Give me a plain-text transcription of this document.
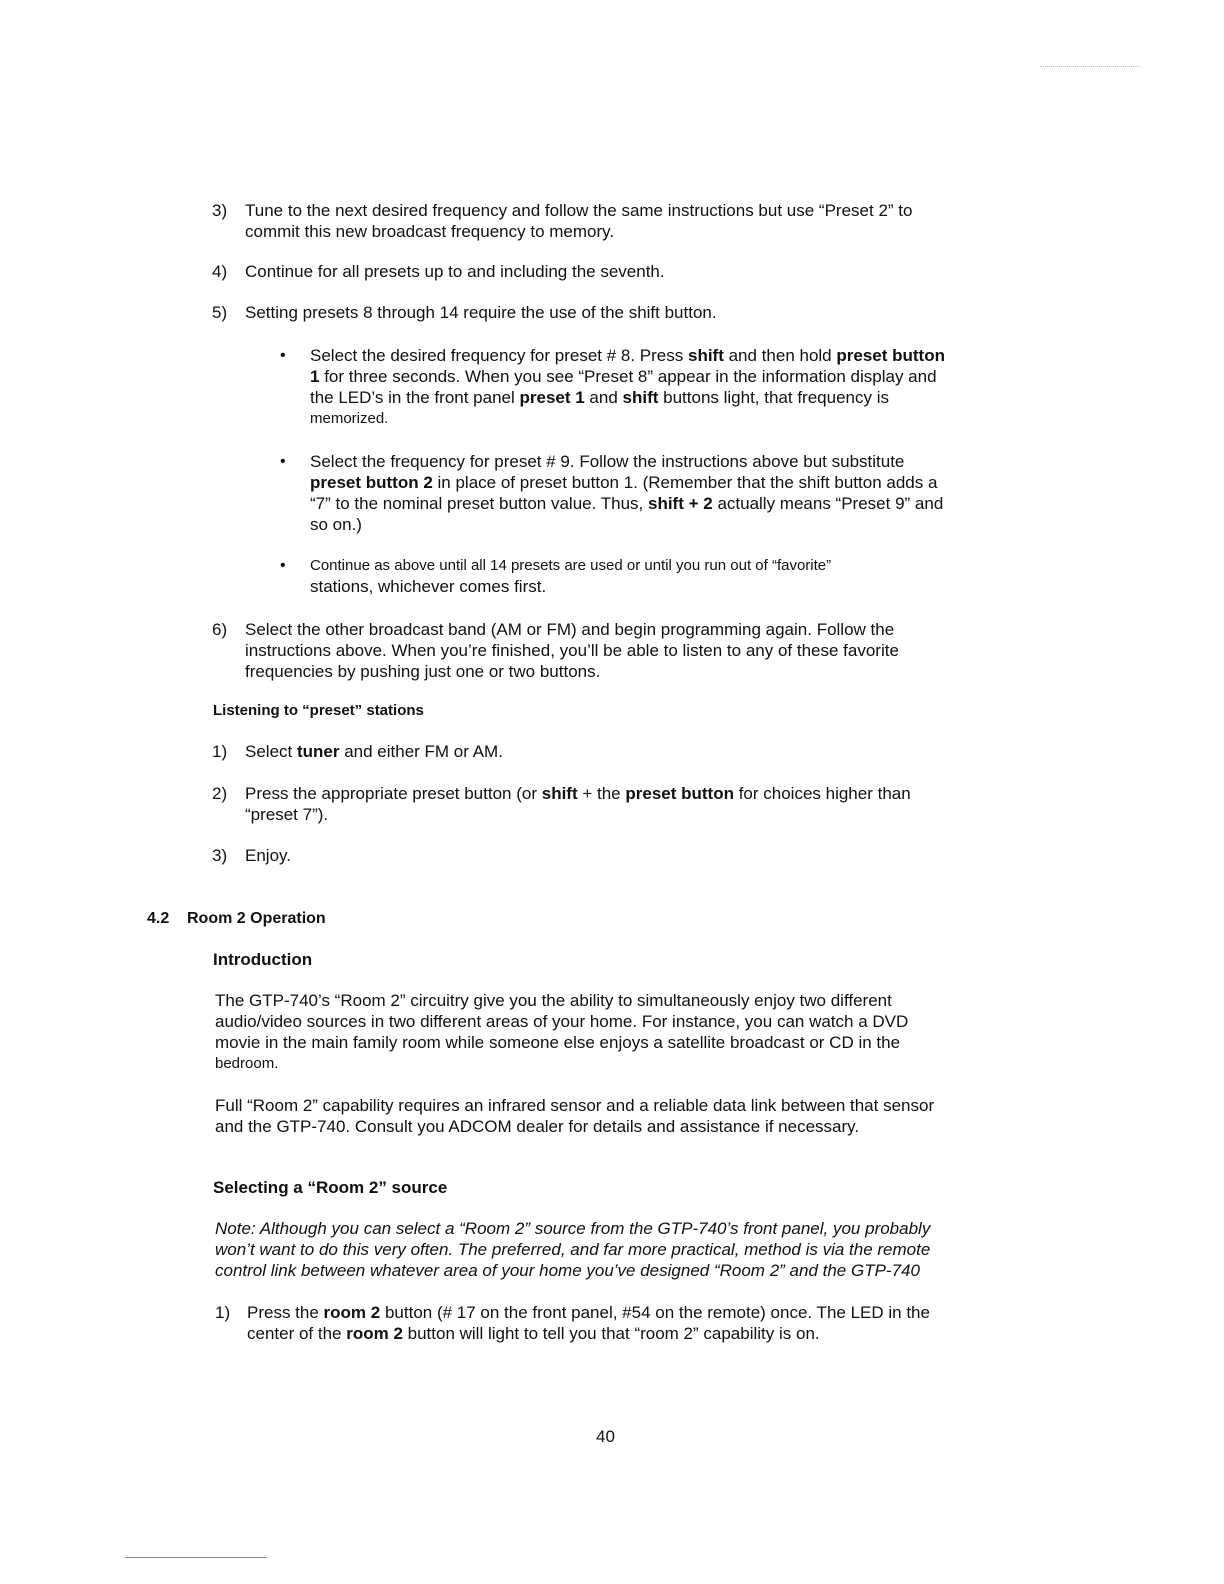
3) Tune to the next desired frequency and follow the same instructions but use “Preset 2” to
commit this new broadcast frequency to memory.
4) Continue for all presets up to and including the seventh.
5) Setting presets 8 through 14 require the use of the shift button.
• Select the desired frequency for preset # 8. Press shift and then hold preset button
1 for three seconds. When you see “Preset 8” appear in the information display and
the LED’s in the front panel preset 1 and shift buttons light, that frequency is
memorized.
• Select the frequency for preset # 9. Follow the instructions above but substitute
preset button 2 in place of preset button 1. (Remember that the shift button adds a
“7” to the nominal preset button value. Thus, shift + 2 actually means “Preset 9” and
so on.)
• Continue as above until all 14 presets are used or until you run out of “favorite”
stations, whichever comes first.
6) Select the other broadcast band (AM or FM) and begin programming again. Follow the
instructions above. When you’re finished, you’ll be able to listen to any of these favorite
frequencies by pushing just one or two buttons.
Listening to “preset” stations
1) Select tuner and either FM or AM.
2) Press the appropriate preset button (or shift + the preset button for choices higher than
“preset 7”).
3) Enjoy.
4.2 Room 2 Operation
Introduction
The GTP-740’s “Room 2” circuitry give you the ability to simultaneously enjoy two different
audio/video sources in two different areas of your home. For instance, you can watch a DVD
movie in the main family room while someone else enjoys a satellite broadcast or CD in the
bedroom.
Full “Room 2” capability requires an infrared sensor and a reliable data link between that sensor
and the GTP-740. Consult you ADCOM dealer for details and assistance if necessary.
Selecting a “Room 2” source
Note: Although you can select a “Room 2” source from the GTP-740’s front panel, you probably
won’t want to do this very often. The preferred, and far more practical, method is via the remote
control link between whatever area of your home you’ve designed “Room 2” and the GTP-740
1) Press the room 2 button (# 17 on the front panel, #54 on the remote) once. The LED in the
center of the room 2 button will light to tell you that “room 2” capability is on.
40
